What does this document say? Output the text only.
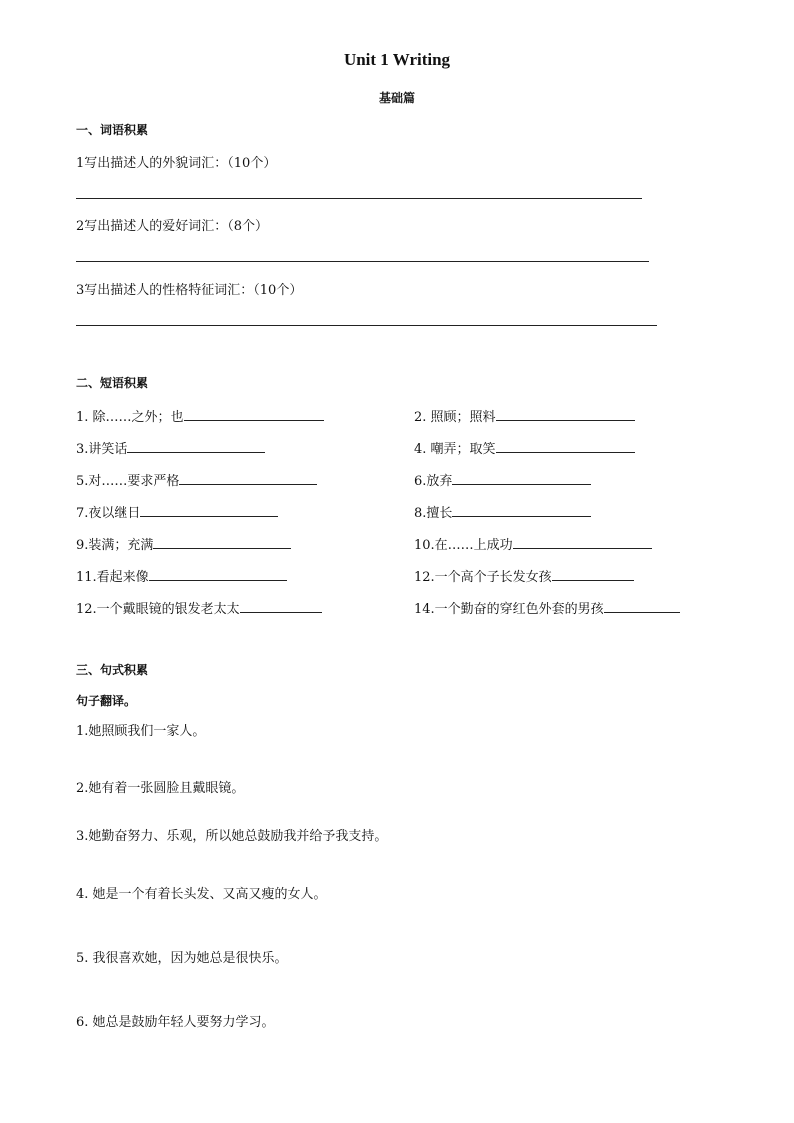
Unit 1 Writing
基础篇
一、词语积累
1写出描述人的外貌词汇：（10个）
2写出描述人的爱好词汇：（8个）
3写出描述人的性格特征词汇：（10个）
二、短语积累
1. 除……之外；也	2. 照顾；照料
3.讲笑话	4. 嘲弄；取笑
5.对……要求严格	6.放弃
7.夜以继日	8.擅长
9.装满；充满	10.在……上成功
11.看起来像	12.一个高个子长发女孩
12.一个戴眼镜的银发老太太	14.一个勤奋的穿红色外套的男孩
三、句式积累
句子翻译。
1.她照顾我们一家人。
2.她有着一张圆脸且戴眼镜。
3.她勤奋努力、乐观，所以她总鼓励我并给予我支持。
4. 她是一个有着长头发、又高又瘦的女人。
5. 我很喜欢她，因为她总是很快乐。
6. 她总是鼓励年轻人要努力学习。
